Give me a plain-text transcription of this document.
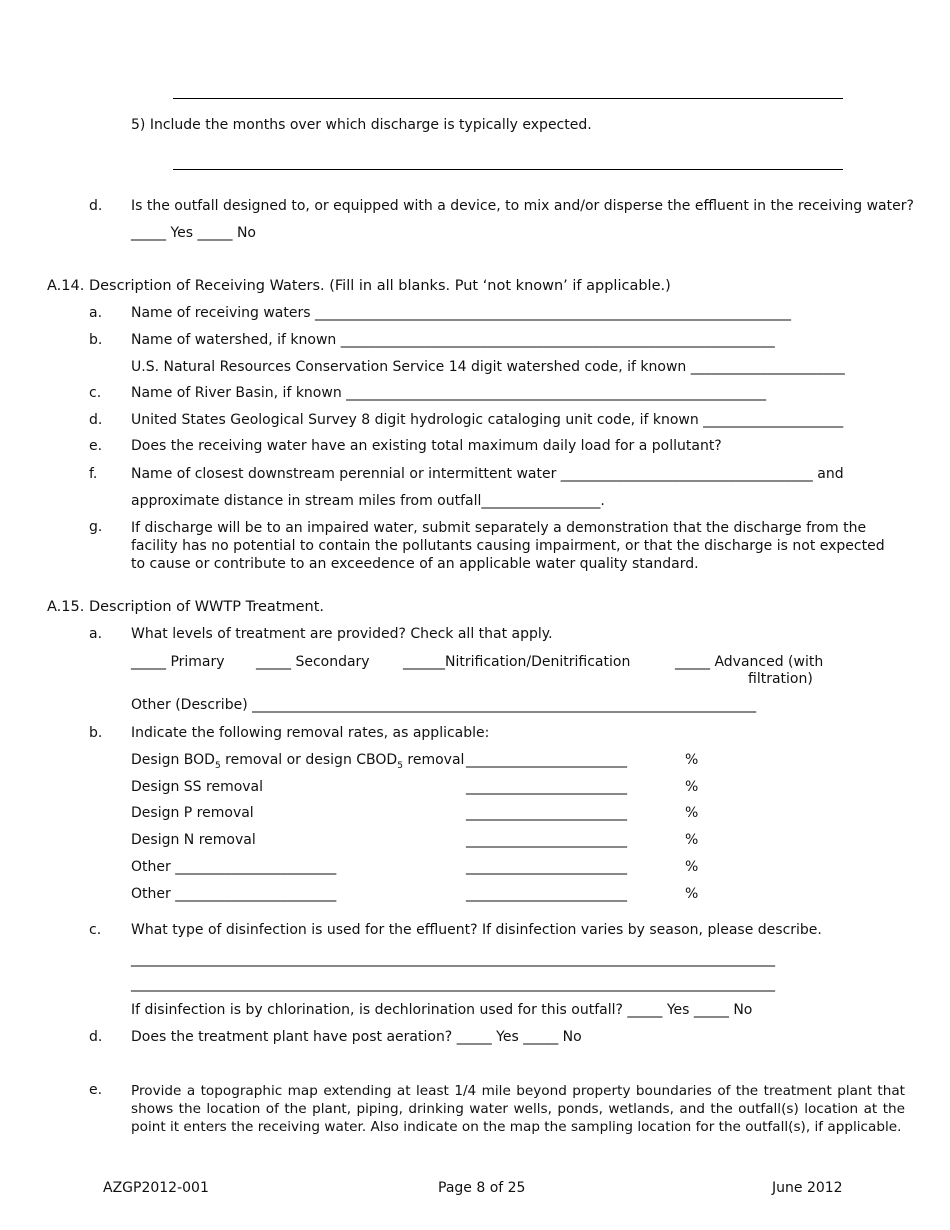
5) Include the months over which discharge is typically expected.
d. Is the outfall designed to, or equipped with a device, to mix and/or disperse the effluent in the receiving water?
_____ Yes _____ No
A.14. Description of Receiving Waters. (Fill in all blanks. Put ‘not known’ if applicable.)
a. Name of receiving waters ____________________________________________________________________
b. Name of watershed, if known ______________________________________________________________
U.S. Natural Resources Conservation Service 14 digit watershed code, if known ______________________
c. Name of River Basin, if known ____________________________________________________________
d. United States Geological Survey 8 digit hydrologic cataloging unit code, if known ____________________
e. Does the receiving water have an existing total maximum daily load for a pollutant?
f. Name of closest downstream perennial or intermittent water ____________________________________ and
approximate distance in stream miles from outfall_________________.
g. If discharge will be to an impaired water, submit separately a demonstration that the discharge from the facility has no potential to contain the pollutants causing impairment, or that the discharge is not expected to cause or contribute to an exceedence of an applicable water quality standard.
A.15. Description of WWTP Treatment.
a. What levels of treatment are provided? Check all that apply.
_____ Primary _____ Secondary ______Nitrification/Denitrification	_____ Advanced (with
filtration)
Other (Describe) ________________________________________________________________________
b. Indicate the following removal rates, as applicable:
Design $BOD_5$ removal or design $CBOD_5$ removal _______________________	%
Design SS removal	_______________________	%
Design P removal	_______________________	%
Design N removal	_______________________	%
Other _______________________	_______________________	%
Other _______________________	_______________________	%
c. What type of disinfection is used for the effluent? If disinfection varies by season, please describe.
____________________________________________________________________________________________
____________________________________________________________________________________________
If disinfection is by chlorination, is dechlorination used for this outfall? _____ Yes _____ No
d. Does the treatment plant have post aeration? _____ Yes _____ No
e. Provide a topographic map extending at least 1/4 mile beyond property boundaries of the treatment plant that shows the location of the plant, piping, drinking water wells, ponds, wetlands, and the outfall(s) location at the point it enters the receiving water. Also indicate on the map the sampling location for the outfall(s), if applicable.
AZGP2012-001	Page 8 of 25	June 2012
